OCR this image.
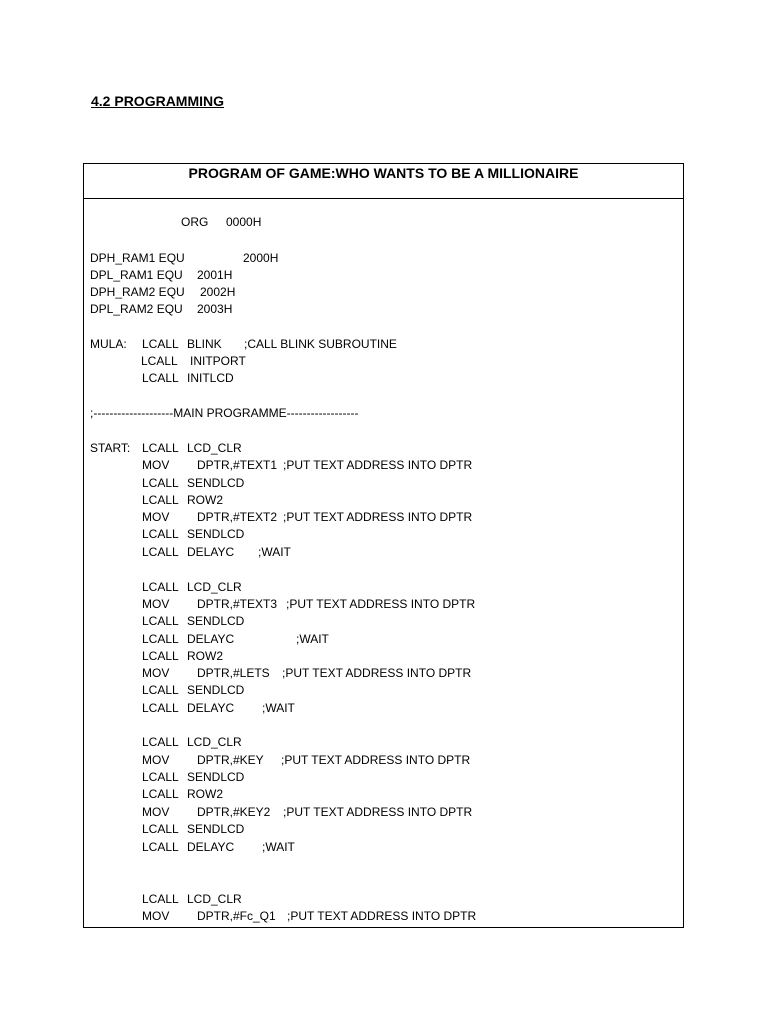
4.2 PROGRAMMING
PROGRAM OF GAME:WHO WANTS TO BE A MILLIONAIRE
ORG 0000H
DPH_RAM1 EQU	2000H
DPL_RAM1 EQU 2001H
DPH_RAM2 EQU 2002H
DPL_RAM2 EQU 2003H
MULA: LCALL BLINK ;CALL BLINK SUBROUTINE
LCALL INITPORT
LCALL INITLCD
;--------------------MAIN PROGRAMME------------------
START: LCALL LCD_CLR
MOV DPTR,#TEXT1 ;PUT TEXT ADDRESS INTO DPTR
LCALL SENDLCD
LCALL ROW2
MOV DPTR,#TEXT2 ;PUT TEXT ADDRESS INTO DPTR
LCALL SENDLCD
LCALL DELAYC ;WAIT
LCALL LCD_CLR
MOV DPTR,#TEXT3 ;PUT TEXT ADDRESS INTO DPTR
LCALL SENDLCD
LCALL DELAYC	;WAIT
LCALL ROW2
MOV DPTR,#LETS ;PUT TEXT ADDRESS INTO DPTR
LCALL SENDLCD
LCALL DELAYC ;WAIT
LCALL LCD_CLR
MOV DPTR,#KEY ;PUT TEXT ADDRESS INTO DPTR
LCALL SENDLCD
LCALL ROW2
MOV DPTR,#KEY2 ;PUT TEXT ADDRESS INTO DPTR
LCALL SENDLCD
LCALL DELAYC ;WAIT
LCALL LCD_CLR
MOV DPTR,#Fc_Q1 ;PUT TEXT ADDRESS INTO DPTR
